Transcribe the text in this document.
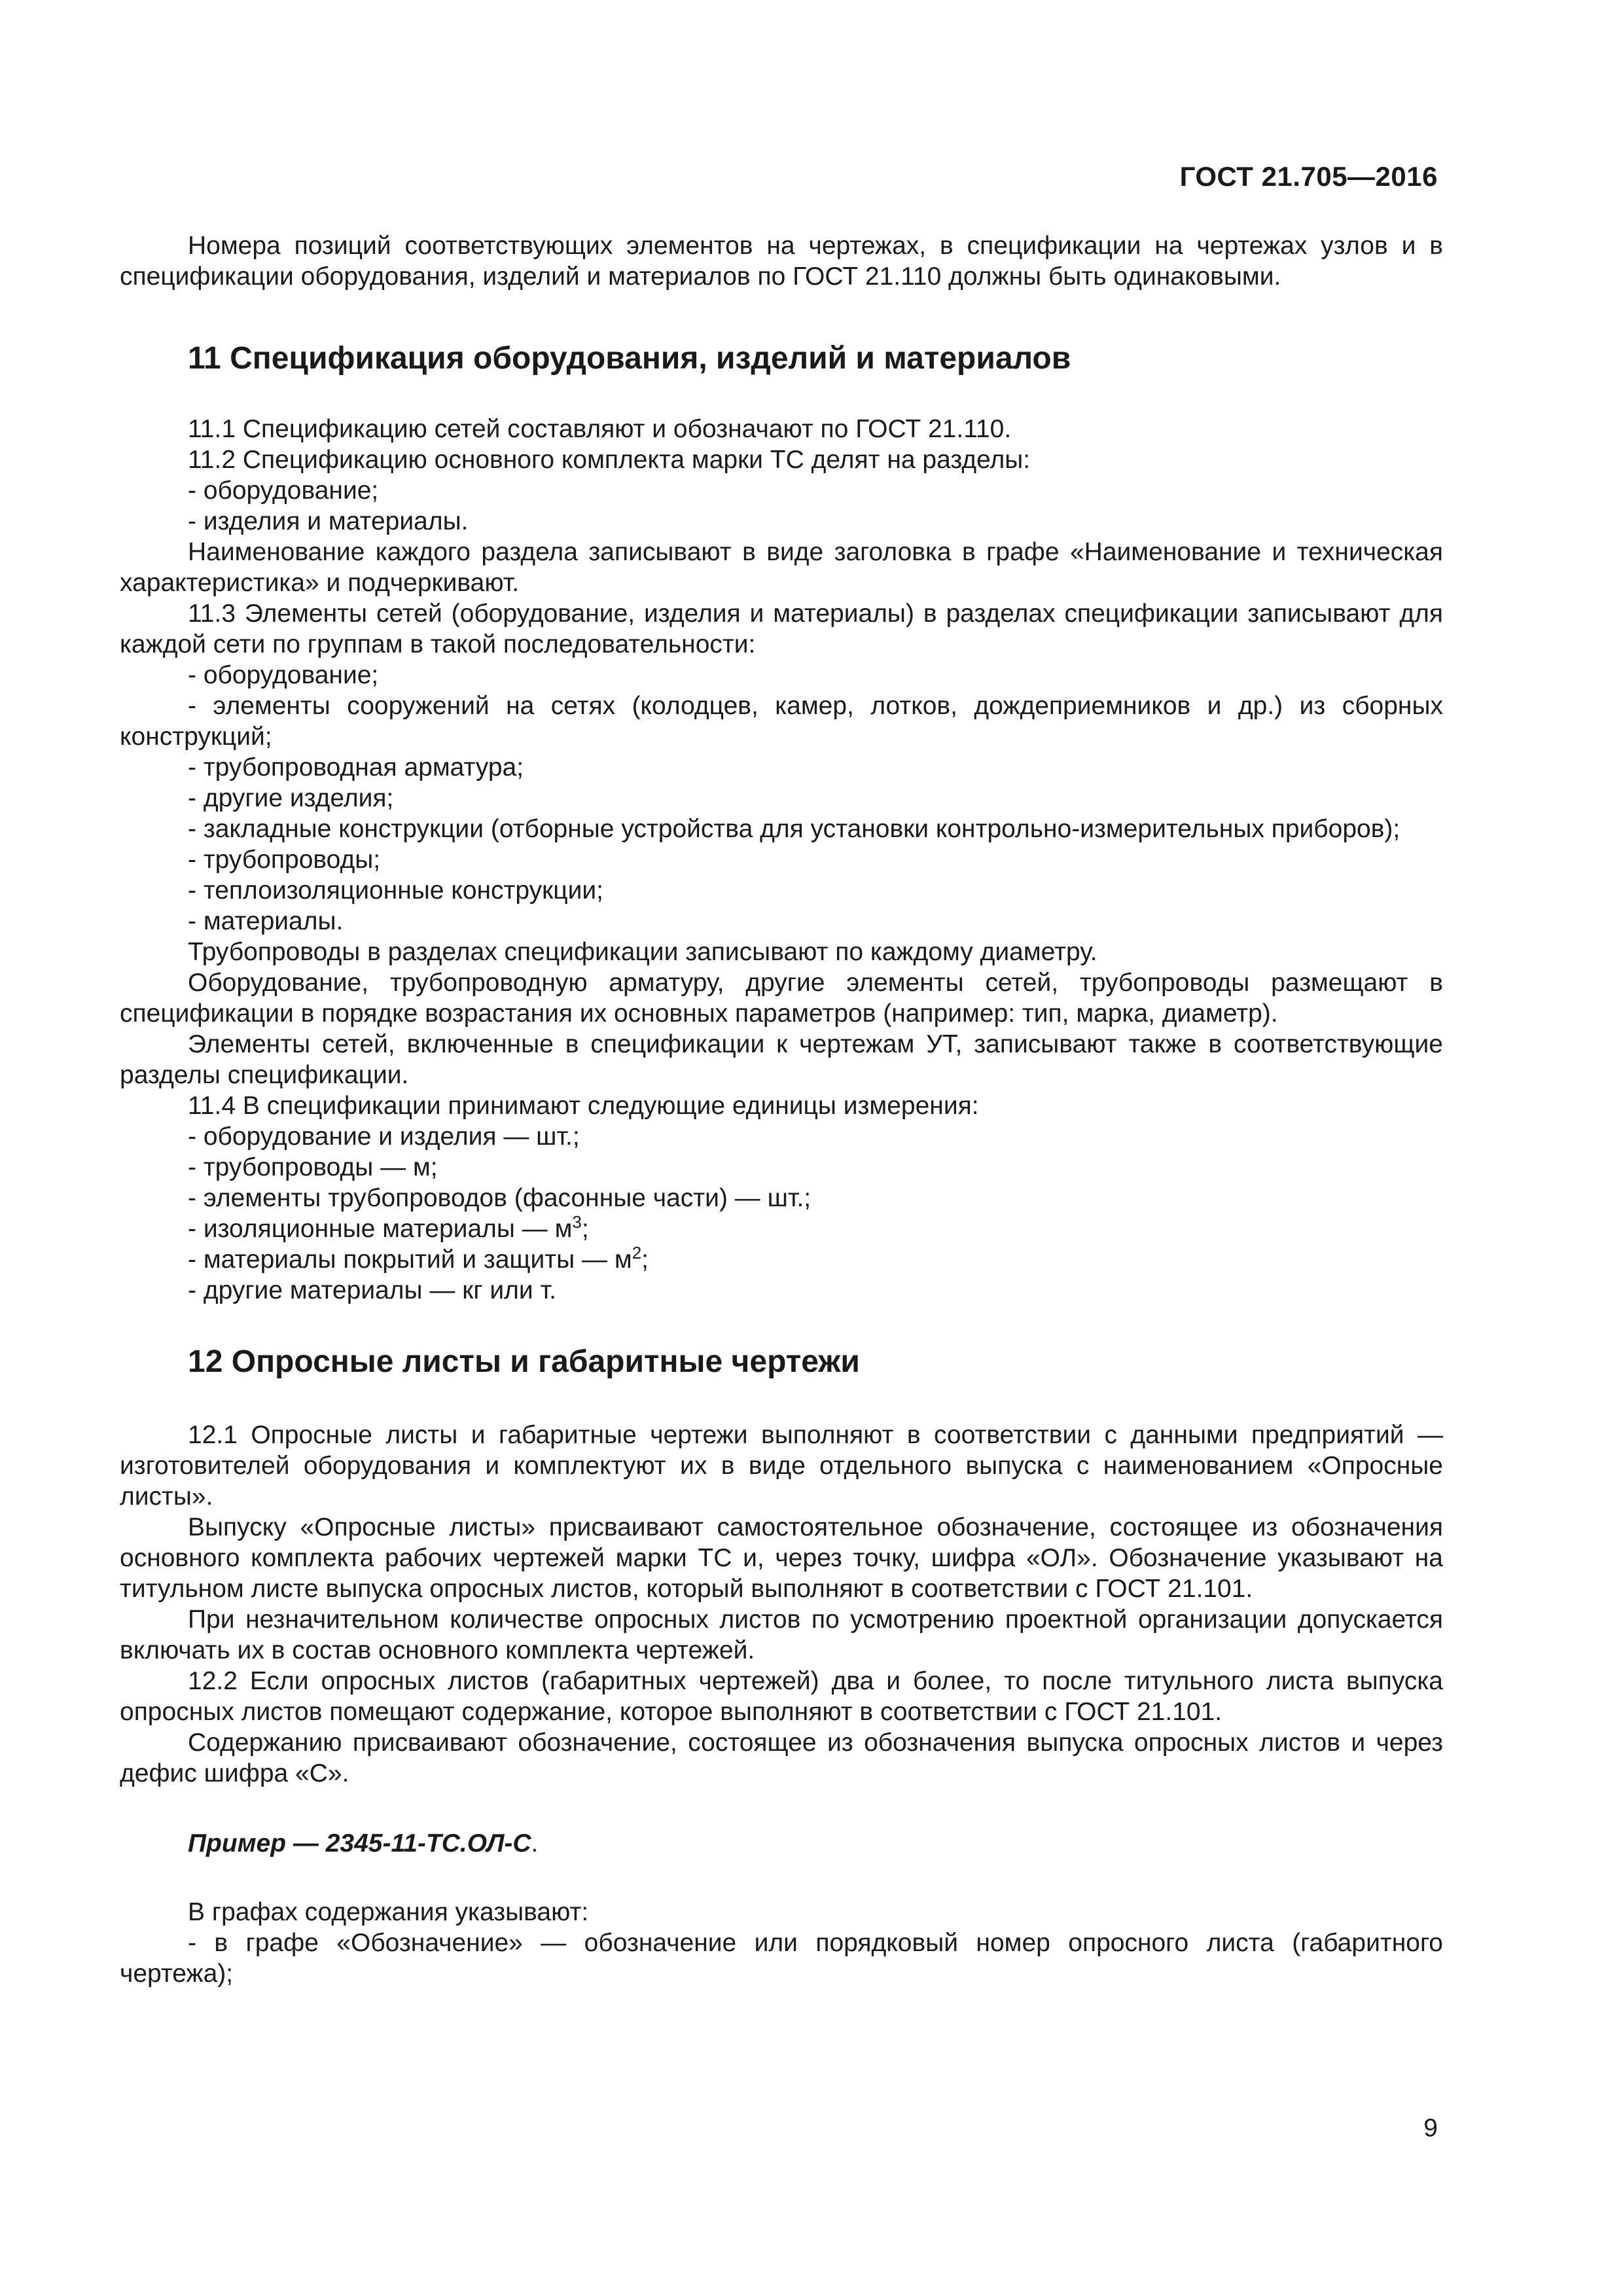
ГОСТ 21.705—2016

Номера позиций соответствующих элементов на чертежах, в спецификации на чертежах узлов и в спецификации оборудования, изделий и материалов по ГОСТ 21.110 должны быть одинаковыми.

11 Спецификация оборудования, изделий и материалов

11.1 Спецификацию сетей составляют и обозначают по ГОСТ 21.110.

11.2 Спецификацию основного комплекта марки ТС делят на разделы:

- оборудование;

- изделия и материалы.

Наименование каждого раздела записывают в виде заголовка в графе «Наименование и техническая характеристика» и подчеркивают.

11.3 Элементы сетей (оборудование, изделия и материалы) в разделах спецификации записывают для каждой сети по группам в такой последовательности:

- оборудование;

- элементы сооружений на сетях (колодцев, камер, лотков, дождеприемников и др.) из сборных конструкций;

- трубопроводная арматура;

- другие изделия;

- закладные конструкции (отборные устройства для установки контрольно-измерительных приборов);

- трубопроводы;

- теплоизоляционные конструкции;

- материалы.

Трубопроводы в разделах спецификации записывают по каждому диаметру.

Оборудование, трубопроводную арматуру, другие элементы сетей, трубопроводы размещают в спецификации в порядке возрастания их основных параметров (например: тип, марка, диаметр).

Элементы сетей, включенные в спецификации к чертежам УТ, записывают также в соответствующие разделы спецификации.

11.4 В спецификации принимают следующие единицы измерения:

- оборудование и изделия — шт.;

- трубопроводы — м;

- элементы трубопроводов (фасонные части) — шт.;

- изоляционные материалы — $м^3$;

- материалы покрытий и защиты — $м^2$;

- другие материалы — кг или т.

12 Опросные листы и габаритные чертежи

12.1 Опросные листы и габаритные чертежи выполняют в соответствии с данными предприятий — изготовителей оборудования и комплектуют их в виде отдельного выпуска с наименованием «Опросные листы».

Выпуску «Опросные листы» присваивают самостоятельное обозначение, состоящее из обозначения основного комплекта рабочих чертежей марки ТС и, через точку, шифра «ОЛ». Обозначение указывают на титульном листе выпуска опросных листов, который выполняют в соответствии с ГОСТ 21.101.

При незначительном количестве опросных листов по усмотрению проектной организации допускается включать их в состав основного комплекта чертежей.

12.2 Если опросных листов (габаритных чертежей) два и более, то после титульного листа выпуска опросных листов помещают содержание, которое выполняют в соответствии с ГОСТ 21.101.

Содержанию присваивают обозначение, состоящее из обозначения выпуска опросных листов и через дефис шифра «С».

Пример — 2345-11-ТС.ОЛ-С.

В графах содержания указывают:

- в графе «Обозначение» — обозначение или порядковый номер опросного листа (габаритного чертежа);

9
